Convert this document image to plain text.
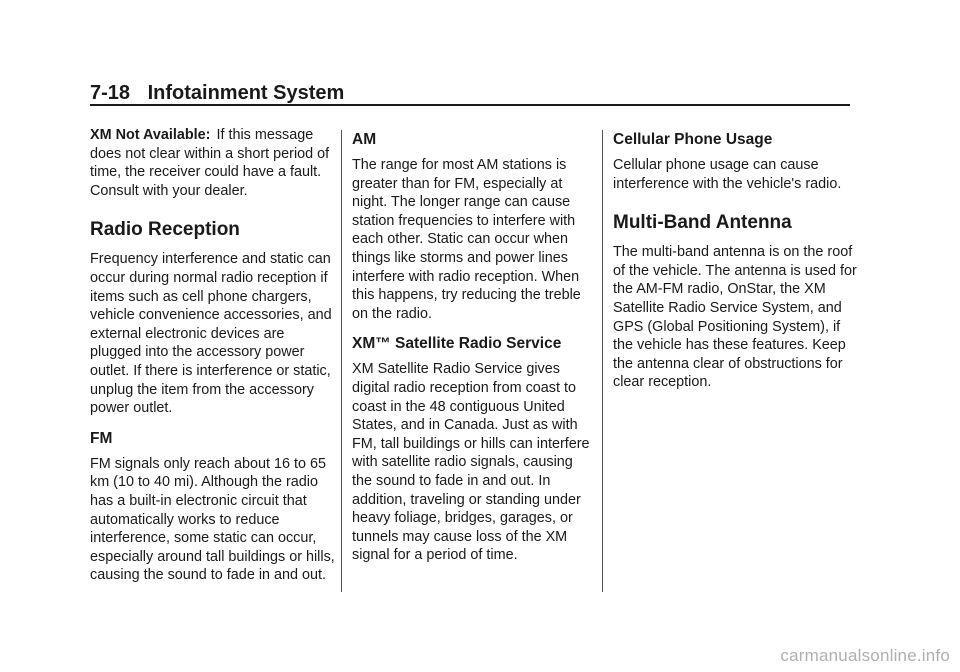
7-18 Infotainment System

XM Not Available: If this message does not clear within a short period of time, the receiver could have a fault. Consult with your dealer.

Radio Reception

Frequency interference and static can occur during normal radio reception if items such as cell phone chargers, vehicle convenience accessories, and external electronic devices are plugged into the accessory power outlet. If there is interference or static, unplug the item from the accessory power outlet.

FM

FM signals only reach about 16 to 65 km (10 to 40 mi). Although the radio has a built-in electronic circuit that automatically works to reduce interference, some static can occur, especially around tall buildings or hills, causing the sound to fade in and out.

AM

The range for most AM stations is greater than for FM, especially at night. The longer range can cause station frequencies to interfere with each other. Static can occur when things like storms and power lines interfere with radio reception. When this happens, try reducing the treble on the radio.

XM™ Satellite Radio Service

XM Satellite Radio Service gives digital radio reception from coast to coast in the 48 contiguous United States, and in Canada. Just as with FM, tall buildings or hills can interfere with satellite radio signals, causing the sound to fade in and out. In addition, traveling or standing under heavy foliage, bridges, garages, or tunnels may cause loss of the XM signal for a period of time.

Cellular Phone Usage

Cellular phone usage can cause interference with the vehicle's radio.

Multi-Band Antenna

The multi-band antenna is on the roof of the vehicle. The antenna is used for the AM-FM radio, OnStar, the XM Satellite Radio Service System, and GPS (Global Positioning System), if the vehicle has these features. Keep the antenna clear of obstructions for clear reception.

carmanualsonline.info
